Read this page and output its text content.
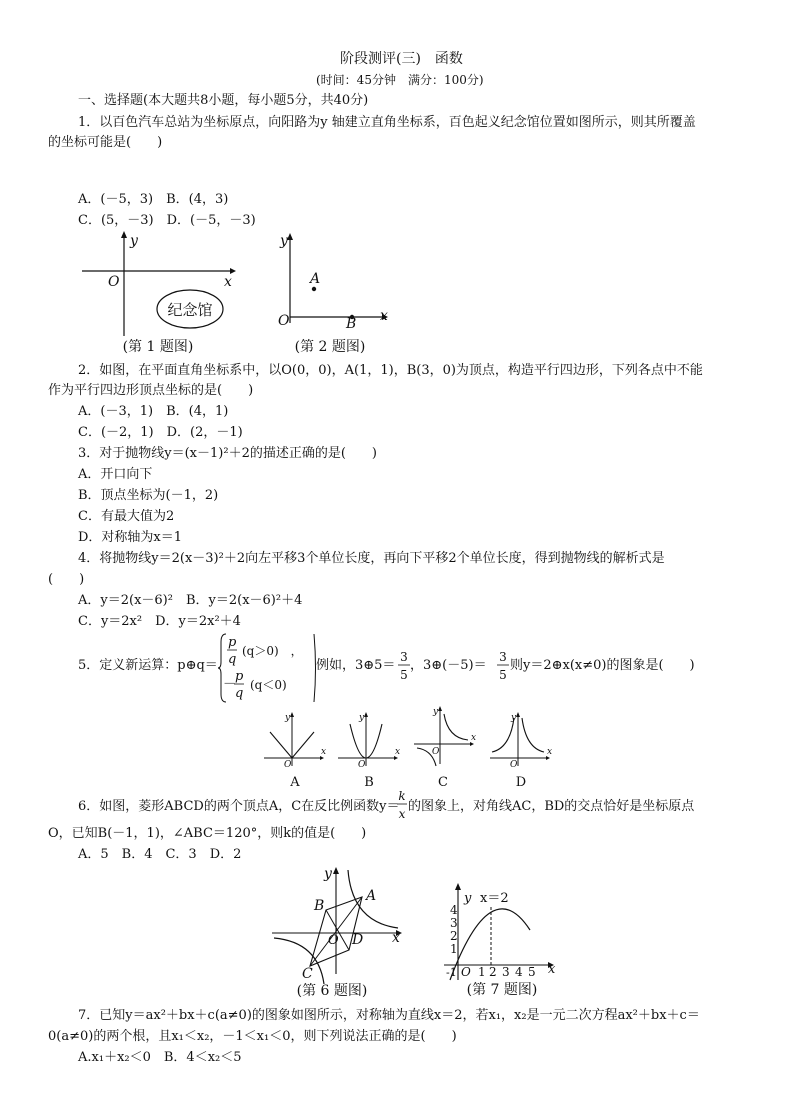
阶段测评(三)　函数
(时间：45分钟　满分：100分)
一、选择题(本大题共8小题，每小题5分，共40分)
1．以百色汽车总站为坐标原点，向阳路为y 轴建立直角坐标系，百色起义纪念馆位置如图所示，则其所覆盖
的坐标可能是(　　)
A．(－5，3)　B．(4，3)
C．(5，－3)　D．(－5，－3)
y
x
O
纪念馆
(第 1 题图)
y
x
O
A
B
(第 2 题图)
2．如图，在平面直角坐标系中，以O(0，0)，A(1，1)，B(3，0)为顶点，构造平行四边形，下列各点中不能
作为平行四边形顶点坐标的是(　　)
A．(－3，1)　B．(4，1)
C．(－2，1)　D．(2，－1)
3．对于抛物线y＝(x－1)²＋2的描述正确的是(　　)
A．开口向下
B．顶点坐标为(－1，2)
C．有最大值为2
D．对称轴为x＝1
4．将抛物线y＝2(x－3)²＋2向左平移3个单位长度，再向下平移2个单位长度，得到抛物线的解析式是
(　　)
A．y＝2(x－6)²　B．y＝2(x－6)²＋4
C．y＝2x²　D．y＝2x²＋4
5．定义新运算：p⊕q＝
p
q
(q＞0)　，
－
p
q
(q＜0)
例如，3⊕5＝
3
5
，3⊕(－5)＝
3
5
则y＝2⊕x(x≠0)的图象是(　　)
y
x
O
A
y
x
O
B
y
x
O
C
y
x
O
D
6．如图，菱形ABCD的两个顶点A，C在反比例函数y＝
k
x 的图象上，对角线AC，BD的交点恰好是坐标原点
O，已知B(－1，1)，∠ABC＝120°，则k的值是(　　)
A．5　B．4　C．3　D．2
y
x
O
A
B
C
D
(第 6 题图)
x＝2
y
x
O
-1 1 2 3 4 5
4
3
2
1
(第 7 题图)
7．已知y＝ax²＋bx＋c(a≠0)的图象如图所示，对称轴为直线x＝2，若x₁，x₂是一元二次方程ax²＋bx＋c＝
0(a≠0)的两个根，且x₁＜x₂，－1＜x₁＜0，则下列说法正确的是(　　)
A.x₁＋x₂＜0　B．4＜x₂＜5
